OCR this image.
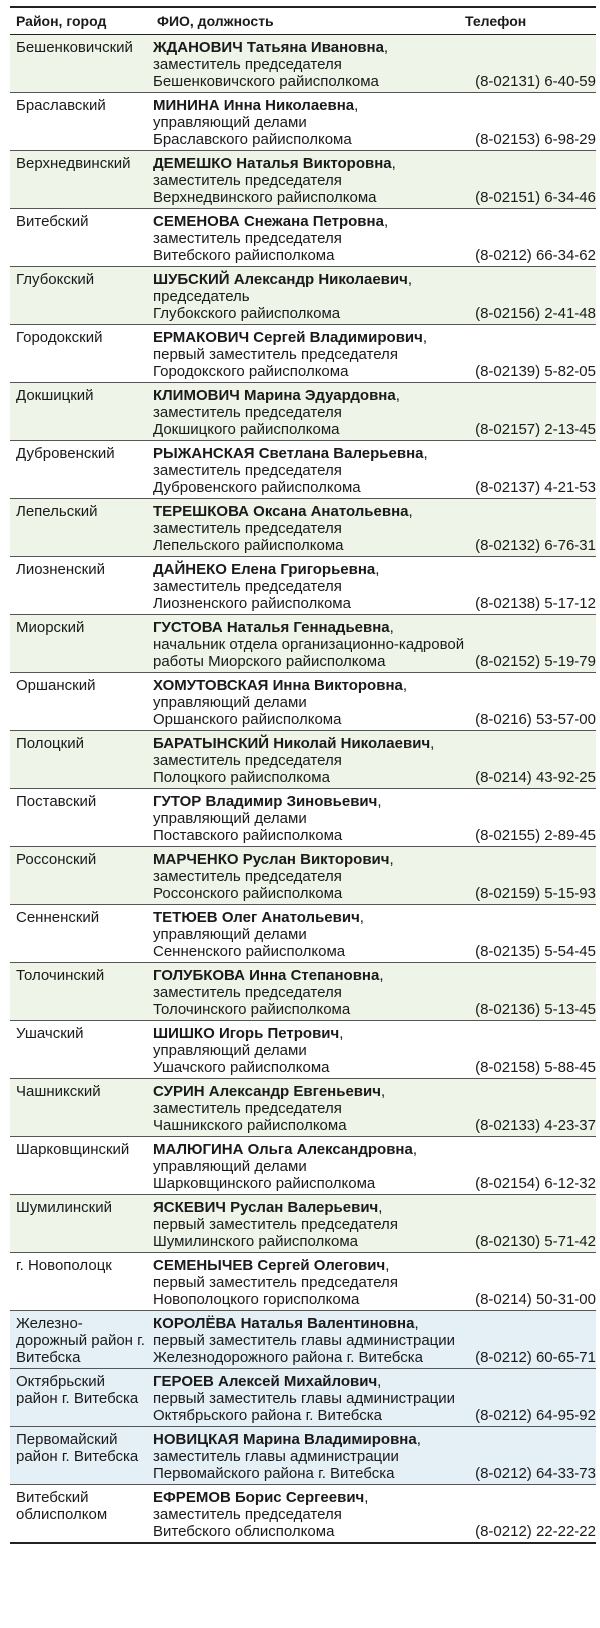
Район, город	ФИО, должность	Телефон
Бешенковичский	ЖДАНОВИЧ Татьяна Ивановна,
заместитель председателя
Бешенковичского райисполкома	(8-02131) 6-40-59
Браславский	МИНИНА Инна Николаевна,
управляющий делами
Браславского райисполкома	(8-02153) 6-98-29
Верхнедвинский	ДЕМЕШКО Наталья Викторовна,
заместитель председателя
Верхнедвинского райисполкома	(8-02151) 6-34-46
Витебский	СЕМЕНОВА Снежана Петровна,
заместитель председателя
Витебского райисполкома	(8-0212) 66-34-62
Глубокский	ШУБСКИЙ Александр Николаевич,
председатель
Глубокского райисполкома	(8-02156) 2-41-48
Городокский	ЕРМАКОВИЧ Сергей Владимирович,
первый заместитель председателя
Городокского райисполкома	(8-02139) 5-82-05
Докшицкий	КЛИМОВИЧ Марина Эдуардовна,
заместитель председателя
Докшицкого райисполкома	(8-02157) 2-13-45
Дубровенский	РЫЖАНСКАЯ Светлана Валерьевна,
заместитель председателя
Дубровенского райисполкома	(8-02137) 4-21-53
Лепельский	ТЕРЕШКОВА Оксана Анатольевна,
заместитель председателя
Лепельского райисполкома	(8-02132) 6-76-31
Лиозненский	ДАЙНЕКО Елена Григорьевна,
заместитель председателя
Лиозненского райисполкома	(8-02138) 5-17-12
Миорский	ГУСТОВА Наталья Геннадьевна,
начальник отдела организационно-кадровой
работы Миорского райисполкома	(8-02152) 5-19-79
Оршанский	ХОМУТОВСКАЯ Инна Викторовна,
управляющий делами
Оршанского райисполкома	(8-0216) 53-57-00
Полоцкий	БАРАТЫНСКИЙ Николай Николаевич,
заместитель председателя
Полоцкого райисполкома	(8-0214) 43-92-25
Поставский	ГУТОР Владимир Зиновьевич,
управляющий делами
Поставского райисполкома	(8-02155) 2-89-45
Россонский	МАРЧЕНКО Руслан Викторович,
заместитель председателя
Россонского райисполкома	(8-02159) 5-15-93
Сенненский	ТЕТЮЕВ Олег Анатольевич,
управляющий делами
Сенненского райисполкома	(8-02135) 5-54-45
Толочинский	ГОЛУБКОВА Инна Степановна,
заместитель председателя
Толочинского райисполкома	(8-02136) 5-13-45
Ушачский	ШИШКО Игорь Петрович,
управляющий делами
Ушачского райисполкома	(8-02158) 5-88-45
Чашникский	СУРИН Александр Евгеньевич,
заместитель председателя
Чашникского райисполкома	(8-02133) 4-23-37
Шарковщинский	МАЛЮГИНА Ольга Александровна,
управляющий делами
Шарковщинского райисполкома	(8-02154) 6-12-32
Шумилинский	ЯСКЕВИЧ Руслан Валерьевич,
первый заместитель председателя
Шумилинского райисполкома	(8-02130) 5-71-42
г. Новополоцк	СЕМЕНЫЧЕВ Сергей Олегович,
первый заместитель председателя
Новополоцкого горисполкома	(8-0214) 50-31-00
Железно-дорожный район г. Витебска	КОРОЛЁВА Наталья Валентиновна,
первый заместитель главы администрации
Железнодорожного района г. Витебска	(8-0212) 60-65-71
Октябрьский район г. Витебска	ГЕРОЕВ Алексей Михайлович,
первый заместитель главы администрации
Октябрьского района г. Витебска	(8-0212) 64-95-92
Первомайский район г. Витебска	НОВИЦКАЯ Марина Владимировна,
заместитель главы администрации
Первомайского района г. Витебска	(8-0212) 64-33-73
Витебский облисполком	ЕФРЕМОВ Борис Сергеевич,
заместитель председателя
Витебского облисполкома	(8-0212) 22-22-22
